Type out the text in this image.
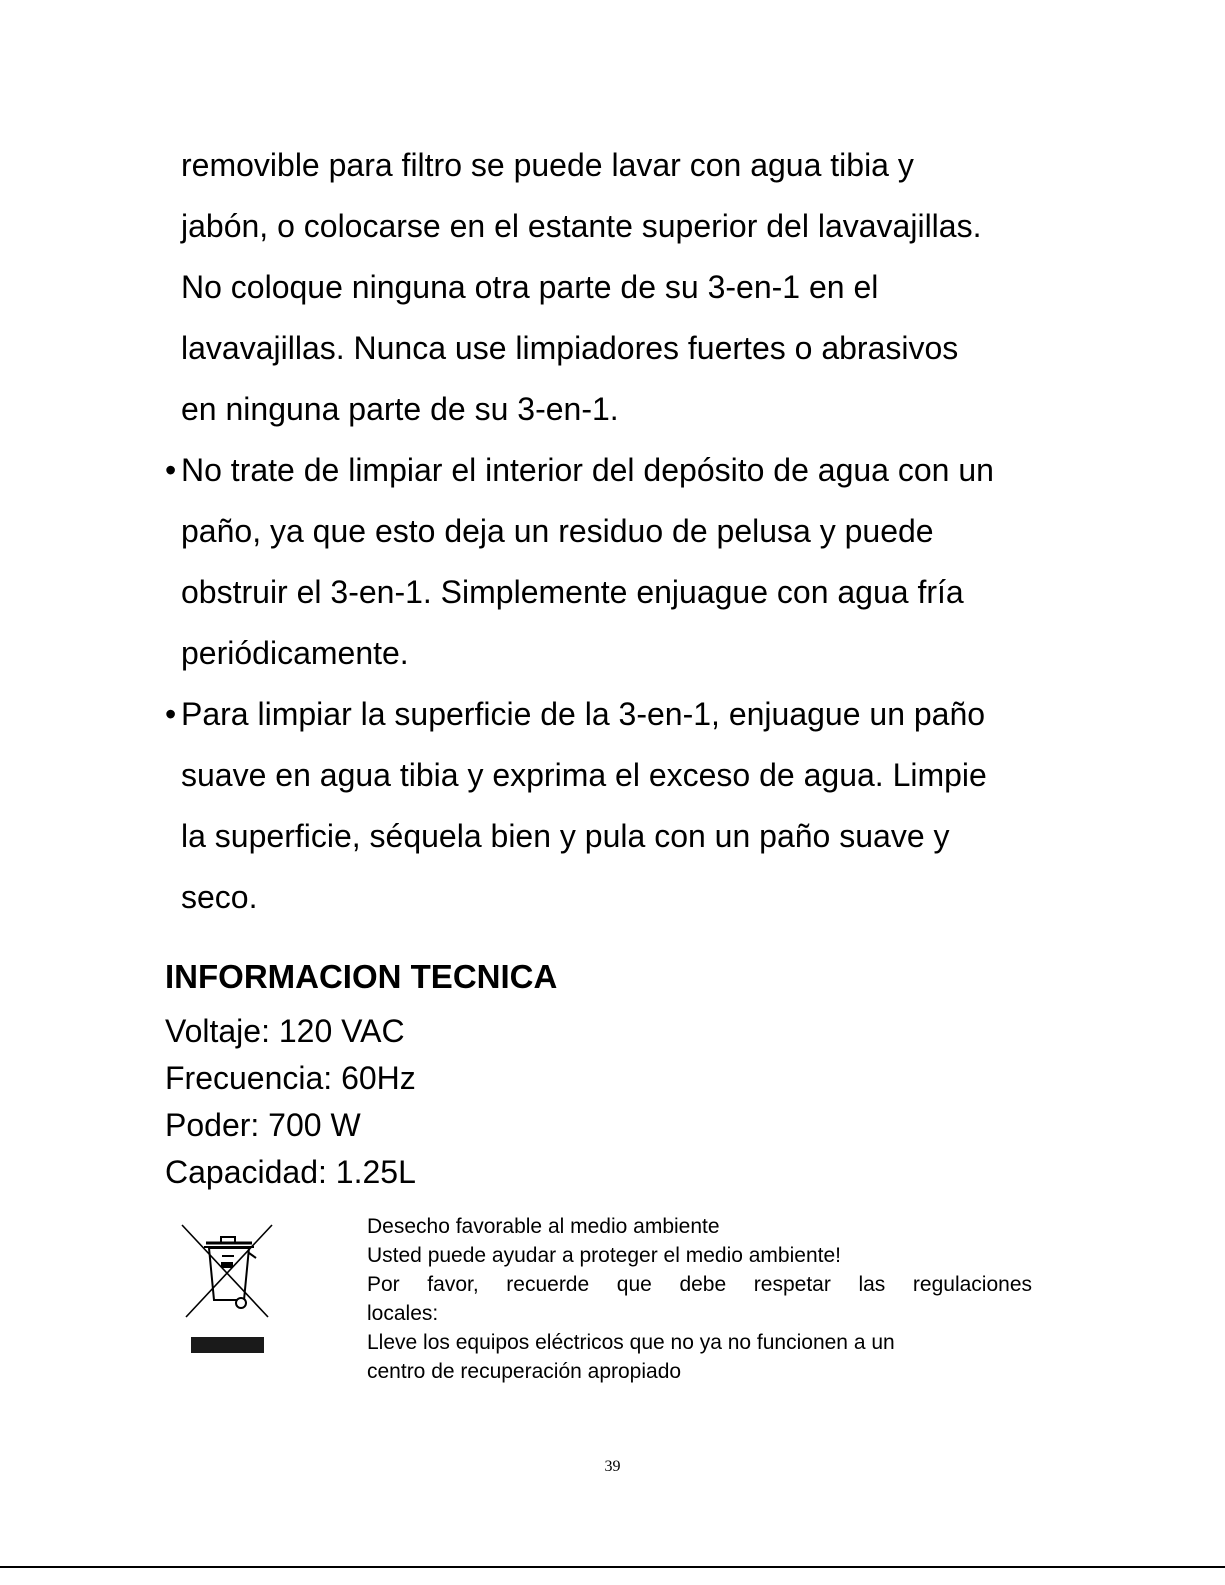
removible para filtro se puede lavar con agua tibia y

jabón, o colocarse en el estante superior del lavavajillas.

No coloque ninguna otra parte de su 3-en-1 en el

lavavajillas. Nunca use limpiadores fuertes o abrasivos

en ninguna parte de su 3-en-1.

• No trate de limpiar el interior del depósito de agua con un

paño, ya que esto deja un residuo de pelusa y puede

obstruir el 3-en-1. Simplemente enjuague con agua fría

periódicamente.

• Para limpiar la superficie de la 3-en-1, enjuague un paño

suave en agua tibia y exprima el exceso de agua. Limpie

la superficie, séquela bien y pula con un paño suave y

seco.

INFORMACION TECNICA
Voltaje: 120 VAC
Frecuencia: 60Hz
Poder: 700 W
Capacidad: 1.25L

Desecho favorable al medio ambiente

Usted puede ayudar a proteger el medio ambiente!

Por favor, recuerde que debe respetar las regulaciones

locales:

Lleve los equipos eléctricos que no ya no funcionen a un

centro de recuperación apropiado

39
